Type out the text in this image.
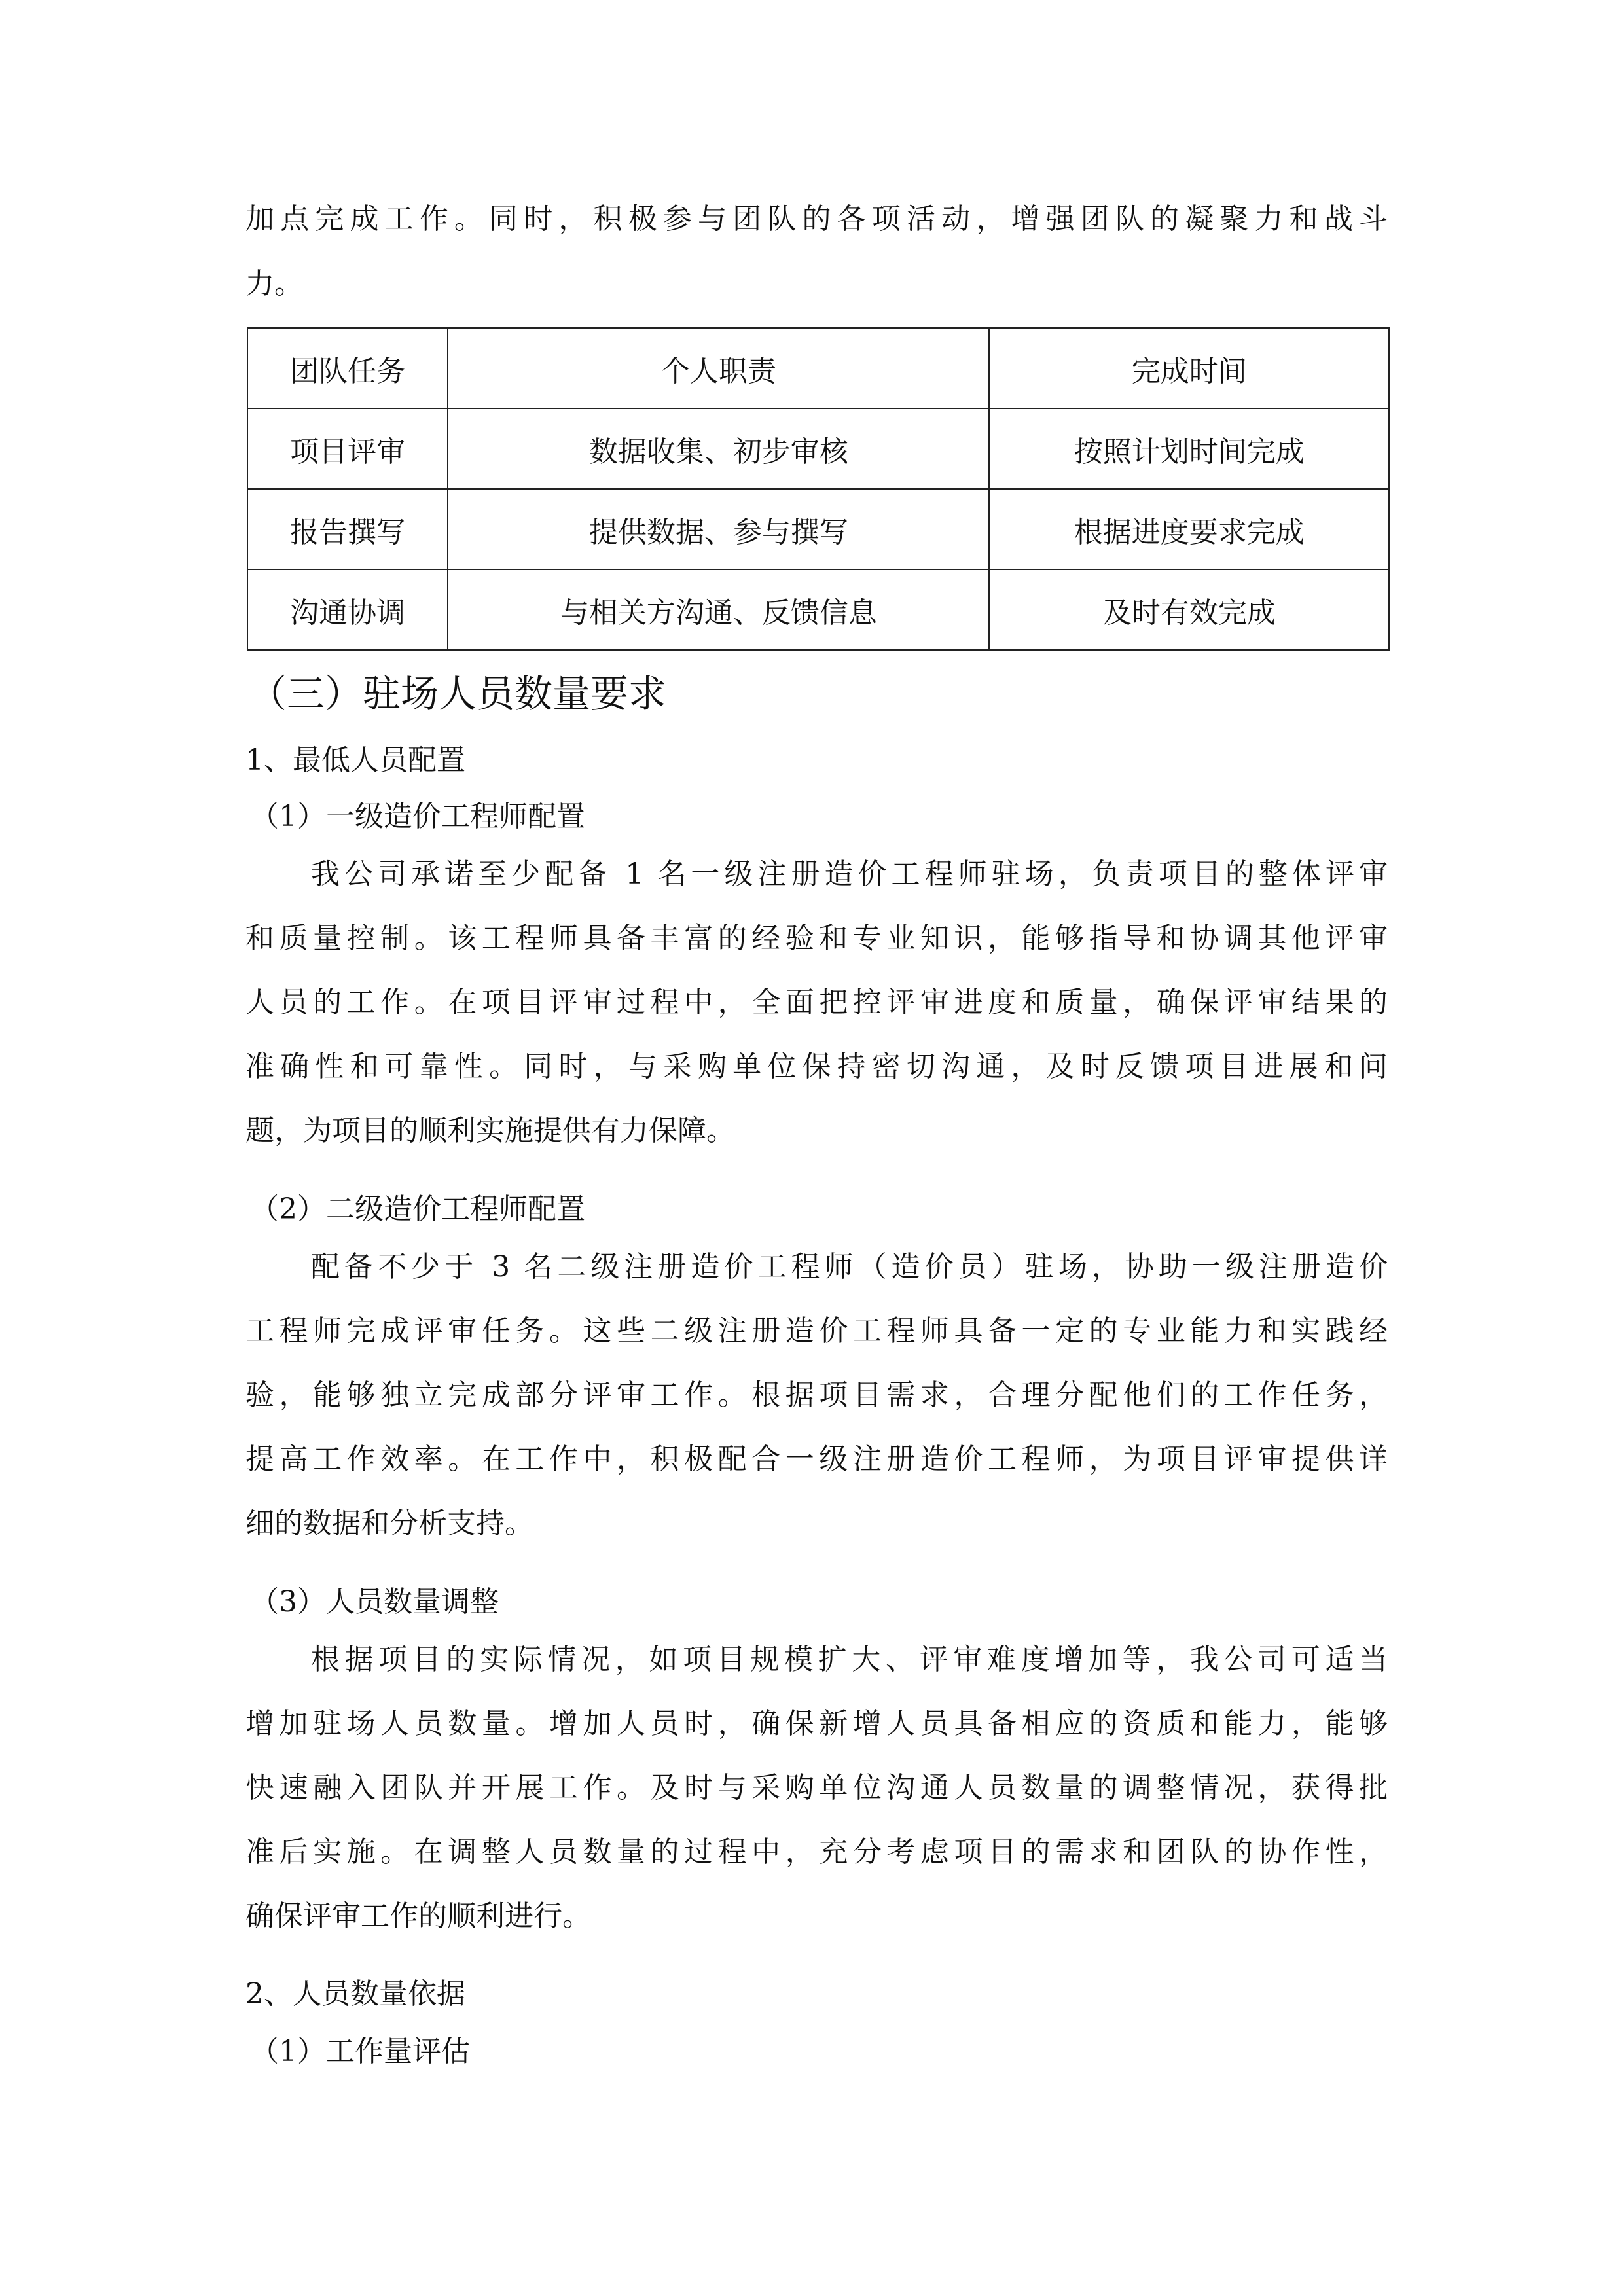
加点完成工作。同时，积极参与团队的各项活动，增强团队的凝聚力和战斗

力。

团队任务	个人职责	完成时间
项目评审	数据收集、初步审核	按照计划时间完成
报告撰写	提供数据、参与撰写	根据进度要求完成
沟通协调	与相关方沟通、反馈信息	及时有效完成

（三）驻场人员数量要求

1、最低人员配置

（1）一级造价工程师配置

我公司承诺至少配备 1 名一级注册造价工程师驻场，负责项目的整体评审

和质量控制。该工程师具备丰富的经验和专业知识，能够指导和协调其他评审

人员的工作。在项目评审过程中，全面把控评审进度和质量，确保评审结果的

准确性和可靠性。同时，与采购单位保持密切沟通，及时反馈项目进展和问

题，为项目的顺利实施提供有力保障。

（2）二级造价工程师配置

配备不少于 3 名二级注册造价工程师（造价员）驻场，协助一级注册造价

工程师完成评审任务。这些二级注册造价工程师具备一定的专业能力和实践经

验，能够独立完成部分评审工作。根据项目需求，合理分配他们的工作任务，

提高工作效率。在工作中，积极配合一级注册造价工程师，为项目评审提供详

细的数据和分析支持。

（3）人员数量调整

根据项目的实际情况，如项目规模扩大、评审难度增加等，我公司可适当

增加驻场人员数量。增加人员时，确保新增人员具备相应的资质和能力，能够

快速融入团队并开展工作。及时与采购单位沟通人员数量的调整情况，获得批

准后实施。在调整人员数量的过程中，充分考虑项目的需求和团队的协作性，

确保评审工作的顺利进行。

2、人员数量依据

（1）工作量评估
